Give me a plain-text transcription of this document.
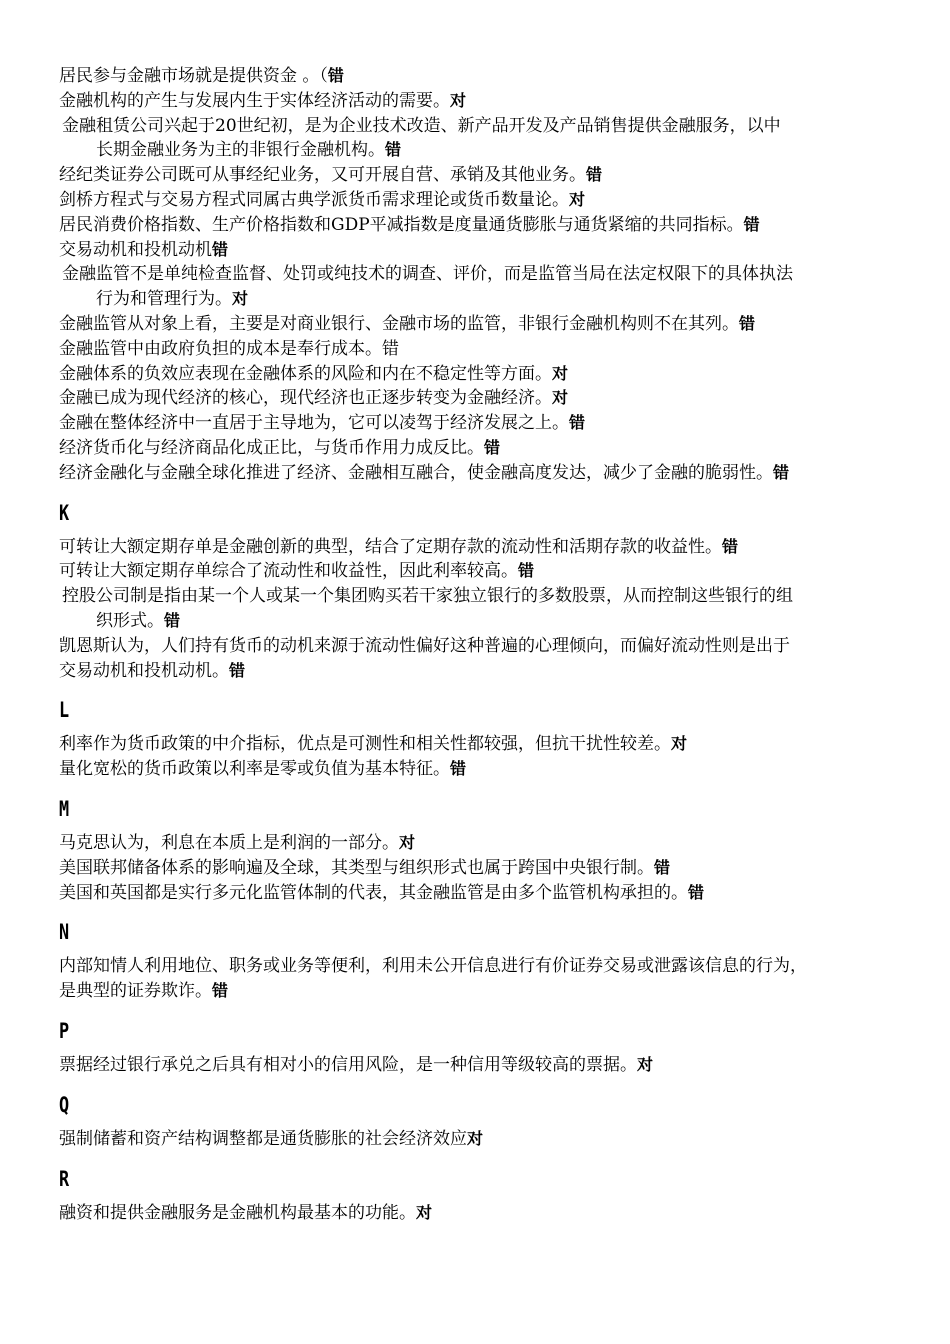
居民参与金融市场就是提供资金 。（错
金融机构的产生与发展内生于实体经济活动的需要。对
金融租赁公司兴起于20世纪初，是为企业技术改造、新产品开发及产品销售提供金融服务，以中
长期金融业务为主的非银行金融机构。错
经纪类证券公司既可从事经纪业务，又可开展自营、承销及其他业务。错
剑桥方程式与交易方程式同属古典学派货币需求理论或货币数量论。对
居民消费价格指数、生产价格指数和GDP平减指数是度量通货膨胀与通货紧缩的共同指标。错
交易动机和投机动机错
金融监管不是单纯检查监督、处罚或纯技术的调查、评价，而是监管当局在法定权限下的具体执法
行为和管理行为。对
金融监管从对象上看，主要是对商业银行、金融市场的监管，非银行金融机构则不在其列。错
金融监管中由政府负担的成本是奉行成本。错
金融体系的负效应表现在金融体系的风险和内在不稳定性等方面。对
金融已成为现代经济的核心，现代经济也正逐步转变为金融经济。对
金融在整体经济中一直居于主导地为，它可以凌驾于经济发展之上。错
经济货币化与经济商品化成正比，与货币作用力成反比。错
经济金融化与金融全球化推进了经济、金融相互融合，使金融高度发达，减少了金融的脆弱性。错
K
可转让大额定期存单是金融创新的典型，结合了定期存款的流动性和活期存款的收益性。错
可转让大额定期存单综合了流动性和收益性，因此利率较高。错
控股公司制是指由某一个人或某一个集团购买若干家独立银行的多数股票，从而控制这些银行的组
织形式。错
凯恩斯认为，人们持有货币的动机来源于流动性偏好这种普遍的心理倾向，而偏好流动性则是出于
交易动机和投机动机。错
L
利率作为货币政策的中介指标，优点是可测性和相关性都较强，但抗干扰性较差。对
量化宽松的货币政策以利率是零或负值为基本特征。错
M
马克思认为，利息在本质上是利润的一部分。对
美国联邦储备体系的影响遍及全球，其类型与组织形式也属于跨国中央银行制。错
美国和英国都是实行多元化监管体制的代表，其金融监管是由多个监管机构承担的。错
N
内部知情人利用地位、职务或业务等便利，利用未公开信息进行有价证券交易或泄露该信息的行为，
是典型的证券欺诈。错
P
票据经过银行承兑之后具有相对小的信用风险，是一种信用等级较高的票据。对
Q
强制储蓄和资产结构调整都是通货膨胀的社会经济效应对
R
融资和提供金融服务是金融机构最基本的功能。对
